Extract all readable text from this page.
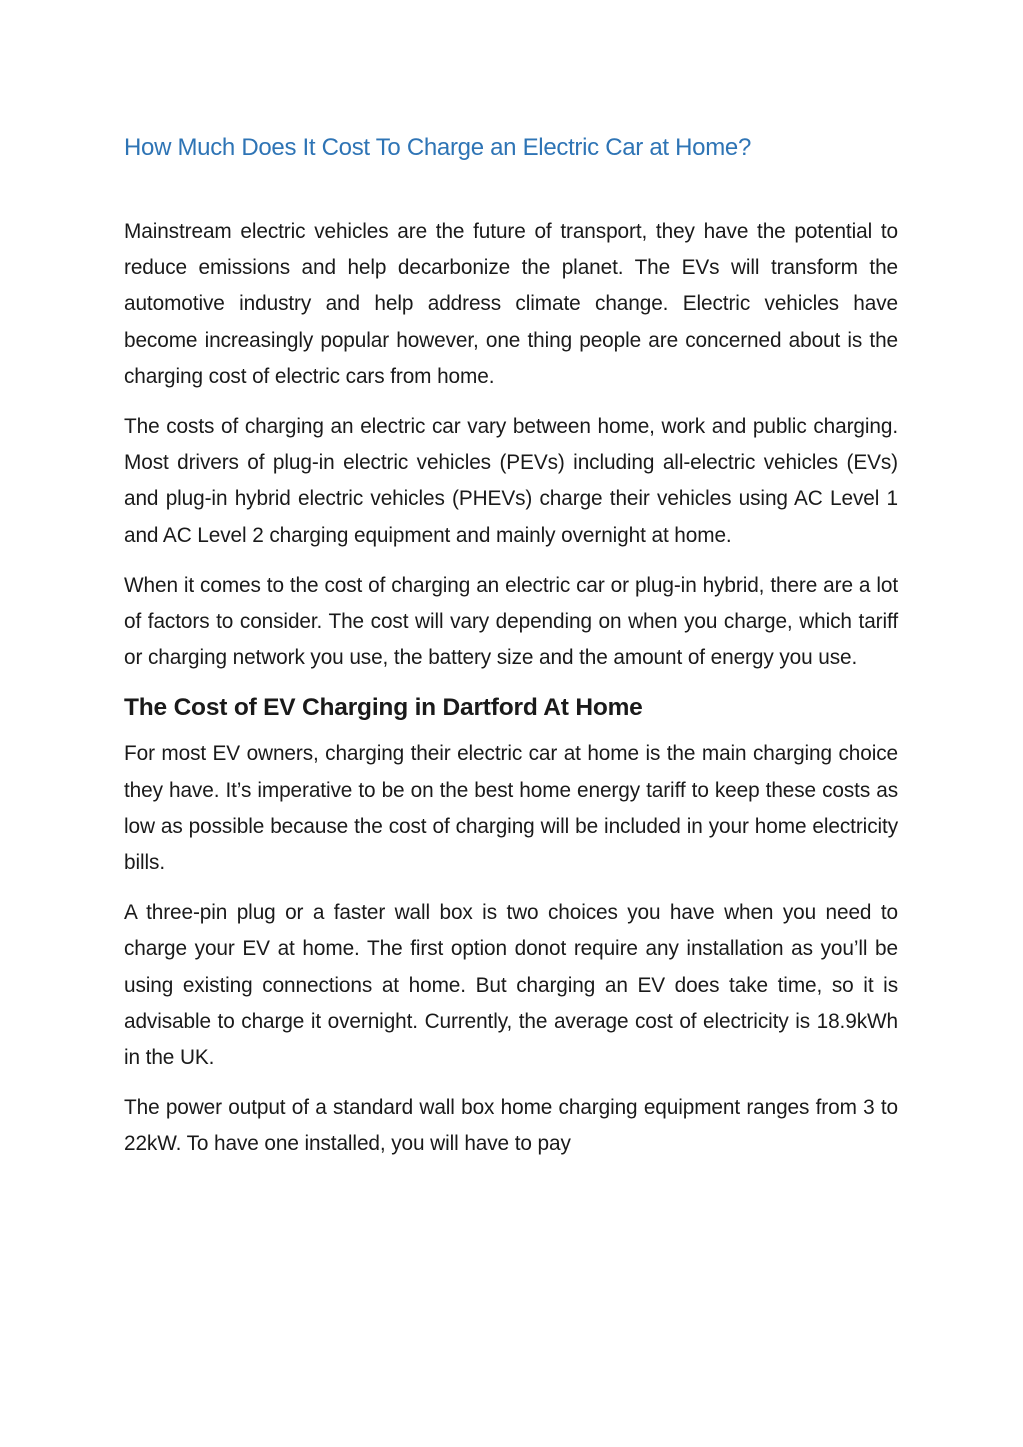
How Much Does It Cost To Charge an Electric Car at Home?

Mainstream electric vehicles are the future of transport, they have the potential to reduce emissions and help decarbonize the planet. The EVs will transform the automotive industry and help address climate change. Electric vehicles have become increasingly popular however, one thing people are concerned about is the charging cost of electric cars from home.

The costs of charging an electric car vary between home, work and public charging. Most drivers of plug-in electric vehicles (PEVs) including all-electric vehicles (EVs) and plug-in hybrid electric vehicles (PHEVs) charge their vehicles using AC Level 1 and AC Level 2 charging equipment and mainly overnight at home.

When it comes to the cost of charging an electric car or plug-in hybrid, there are a lot of factors to consider. The cost will vary depending on when you charge, which tariff or charging network you use, the battery size and the amount of energy you use.

The Cost of EV Charging in Dartford At Home

For most EV owners, charging their electric car at home is the main charging choice they have. It’s imperative to be on the best home energy tariff to keep these costs as low as possible because the cost of charging will be included in your home electricity bills.

A three-pin plug or a faster wall box is two choices you have when you need to charge your EV at home. The first option donot require any installation as you’ll be using existing connections at home. But charging an EV does take time, so it is advisable to charge it overnight. Currently, the average cost of electricity is 18.9kWh in the UK.

The power output of a standard wall box home charging equipment ranges from 3 to 22kW. To have one installed, you will have to pay
